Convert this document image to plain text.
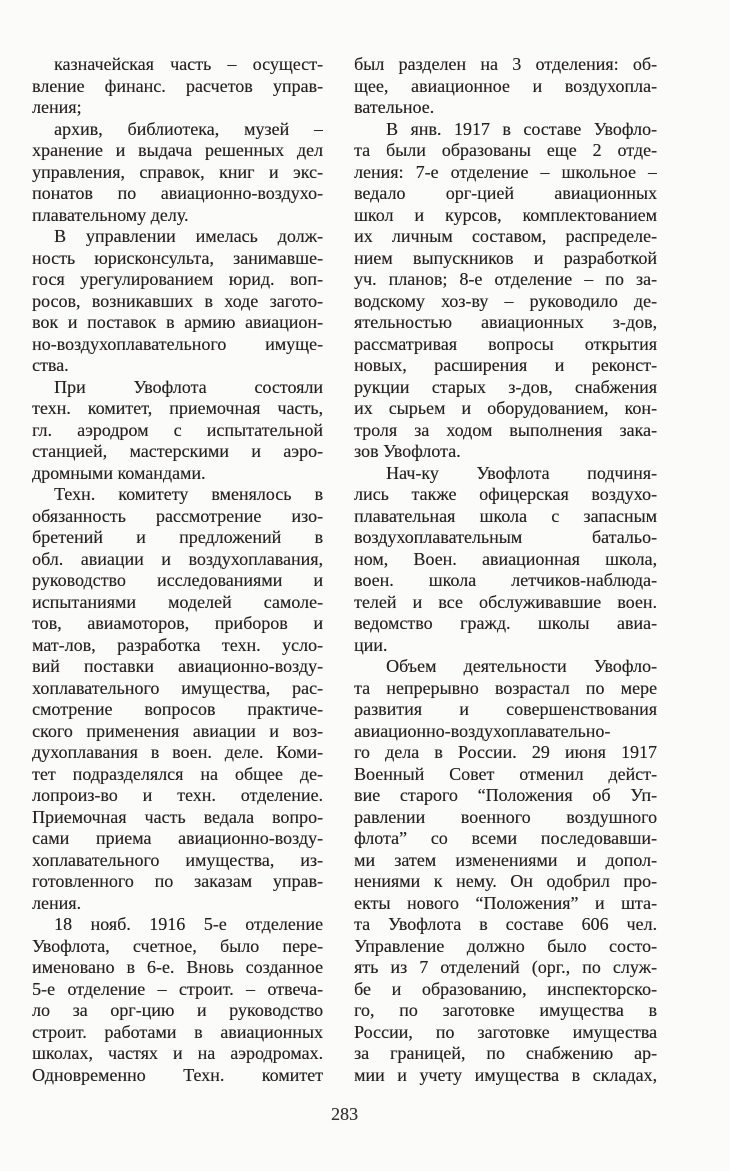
казначейская часть – осущест-
вление финанс. расчетов управ-
ления;
архив, библиотека, музей –
хранение и выдача решенных дел
управления, справок, книг и экс-
понатов по авиационно-воздухо-
плавательному делу.
В управлении имелась долж-
ность юрисконсульта, занимавше-
гося урегулированием юрид. воп-
росов, возникавших в ходе загото-
вок и поставок в армию авиацион-
но-воздухоплавательного имуще-
ства.
При Увофлота состояли
техн. комитет, приемочная часть,
гл. аэродром с испытательной
станцией, мастерскими и аэро-
дромными командами.
Техн. комитету вменялось в
обязанность рассмотрение изо-
бретений и предложений в
обл. авиации и воздухоплавания,
руководство исследованиями и
испытаниями моделей самоле-
тов, авиамоторов, приборов и
мат-лов, разработка техн. усло-
вий поставки авиационно-возду-
хоплавательного имущества, рас-
смотрение вопросов практиче-
ского применения авиации и воз-
духоплавания в воен. деле. Коми-
тет подразделялся на общее де-
лопроиз-во и техн. отделение.
Приемочная часть ведала вопро-
сами приема авиационно-возду-
хоплавательного имущества, из-
готовленного по заказам управ-
ления.
18 нояб. 1916 5-е отделение
Увофлота, счетное, было пере-
именовано в 6-е. Вновь созданное
5-е отделение – строит. – отвеча-
ло за орг-цию и руководство
строит. работами в авиационных
школах, частях и на аэродромах.
Одновременно Техн. комитет
был разделен на 3 отделения: об-
щее, авиационное и воздухопла-
вательное.
В янв. 1917 в составе Увофло-
та были образованы еще 2 отде-
ления: 7-е отделение – школьное –
ведало орг-цией авиационных
школ и курсов, комплектованием
их личным составом, распределе-
нием выпускников и разработкой
уч. планов; 8-е отделение – по за-
водскому хоз-ву – руководило де-
ятельностью авиационных з-дов,
рассматривая вопросы открытия
новых, расширения и реконст-
рукции старых з-дов, снабжения
их сырьем и оборудованием, кон-
троля за ходом выполнения зака-
зов Увофлота.
Нач-ку Увофлота подчиня-
лись также офицерская воздухо-
плавательная школа с запасным
воздухоплавательным батальо-
ном, Воен. авиационная школа,
воен. школа летчиков-наблюда-
телей и все обслуживавшие воен.
ведомство гражд. школы авиа-
ции.
Объем деятельности Увофло-
та непрерывно возрастал по мере
развития и совершенствования
авиационно-воздухоплавательно-
го дела в России. 29 июня 1917
Военный Совет отменил дейст-
вие старого “Положения об Уп-
равлении военного воздушного
флота” со всеми последовавши-
ми затем изменениями и допол-
нениями к нему. Он одобрил про-
екты нового “Положения” и шта-
та Увофлота в составе 606 чел.
Управление должно было состо-
ять из 7 отделений (орг., по служ-
бе и образованию, инспекторско-
го, по заготовке имущества в
России, по заготовке имущества
за границей, по снабжению ар-
мии и учету имущества в складах,
283
